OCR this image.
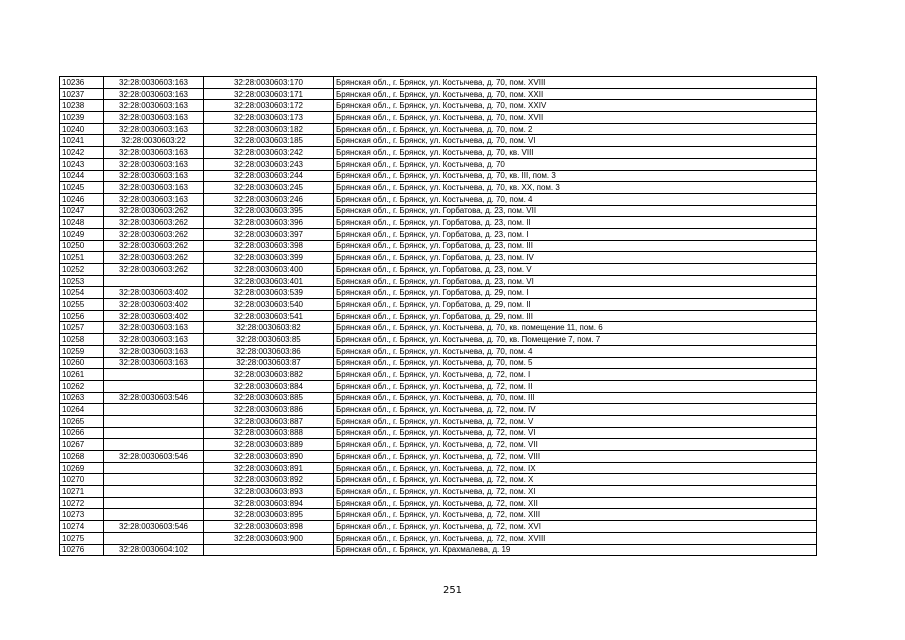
10236	32:28:0030603:163	32:28:0030603:170	Брянская обл., г. Брянск, ул. Костычева, д. 70, пом. XVIII
10237	32:28:0030603:163	32:28:0030603:171	Брянская обл., г. Брянск, ул. Костычева, д. 70, пом. XXII
10238	32:28:0030603:163	32:28:0030603:172	Брянская обл., г. Брянск, ул. Костычева, д. 70, пом. XXIV
10239	32:28:0030603:163	32:28:0030603:173	Брянская обл., г. Брянск, ул. Костычева, д. 70, пом. XVII
10240	32:28:0030603:163	32:28:0030603:182	Брянская обл., г. Брянск, ул. Костычева, д. 70, пом. 2
10241	32:28:0030603:22	32:28:0030603:185	Брянская обл., г. Брянск, ул. Костычева, д. 70, пом. VI
10242	32:28:0030603:163	32:28:0030603:242	Брянская обл., г. Брянск, ул. Костычева, д. 70, кв. VIII
10243	32:28:0030603:163	32:28:0030603:243	Брянская обл., г. Брянск, ул. Костычева, д. 70
10244	32:28:0030603:163	32:28:0030603:244	Брянская обл., г. Брянск, ул. Костычева, д. 70, кв. III, пом. 3
10245	32:28:0030603:163	32:28:0030603:245	Брянская обл., г. Брянск, ул. Костычева, д. 70, кв. XX, пом. 3
10246	32:28:0030603:163	32:28:0030603:246	Брянская обл., г. Брянск, ул. Костычева, д. 70, пом. 4
10247	32:28:0030603:262	32:28:0030603:395	Брянская обл., г. Брянск, ул. Горбатова, д. 23, пом. VII
10248	32:28:0030603:262	32:28:0030603:396	Брянская обл., г. Брянск, ул. Горбатова, д. 23, пом. II
10249	32:28:0030603:262	32:28:0030603:397	Брянская обл., г. Брянск, ул. Горбатова, д. 23, пом. I
10250	32:28:0030603:262	32:28:0030603:398	Брянская обл., г. Брянск, ул. Горбатова, д. 23, пом. III
10251	32:28:0030603:262	32:28:0030603:399	Брянская обл., г. Брянск, ул. Горбатова, д. 23, пом. IV
10252	32:28:0030603:262	32:28:0030603:400	Брянская обл., г. Брянск, ул. Горбатова, д. 23, пом. V
10253		32:28:0030603:401	Брянская обл., г. Брянск, ул. Горбатова, д. 23, пом. VI
10254	32:28:0030603:402	32:28:0030603:539	Брянская обл., г. Брянск, ул. Горбатова, д. 29, пом. I
10255	32:28:0030603:402	32:28:0030603:540	Брянская обл., г. Брянск, ул. Горбатова, д. 29, пом. II
10256	32:28:0030603:402	32:28:0030603:541	Брянская обл., г. Брянск, ул. Горбатова, д. 29, пом. III
10257	32:28:0030603:163	32:28:0030603:82	Брянская обл., г. Брянск, ул. Костычева, д. 70, кв. помещение 11, пом. 6
10258	32:28:0030603:163	32:28:0030603:85	Брянская обл., г. Брянск, ул. Костычева, д. 70, кв. Помещение 7, пом. 7
10259	32:28:0030603:163	32:28:0030603:86	Брянская обл., г. Брянск, ул. Костычева, д. 70, пом. 4
10260	32:28:0030603:163	32:28:0030603:87	Брянская обл., г. Брянск, ул. Костычева, д. 70, пом. 5
10261		32:28:0030603:882	Брянская обл., г. Брянск, ул. Костычева, д. 72, пом. I
10262		32:28:0030603:884	Брянская обл., г. Брянск, ул. Костычева, д. 72, пом. II
10263	32:28:0030603:546	32:28:0030603:885	Брянская обл., г. Брянск, ул. Костычева, д. 70, пом. III
10264		32:28:0030603:886	Брянская обл., г. Брянск, ул. Костычева, д. 72, пом. IV
10265		32:28:0030603:887	Брянская обл., г. Брянск, ул. Костычева, д. 72, пом. V
10266		32:28:0030603:888	Брянская обл., г. Брянск, ул. Костычева, д. 72, пом. VI
10267		32:28:0030603:889	Брянская обл., г. Брянск, ул. Костычева, д. 72, пом. VII
10268	32:28:0030603:546	32:28:0030603:890	Брянская обл., г. Брянск, ул. Костычева, д. 72, пом. VIII
10269		32:28:0030603:891	Брянская обл., г. Брянск, ул. Костычева, д. 72, пом. IX
10270		32:28:0030603:892	Брянская обл., г. Брянск, ул. Костычева, д. 72, пом. X
10271		32:28:0030603:893	Брянская обл., г. Брянск, ул. Костычева, д. 72, пом. XI
10272		32:28:0030603:894	Брянская обл., г. Брянск, ул. Костычева, д. 72, пом. XII
10273		32:28:0030603:895	Брянская обл., г. Брянск, ул. Костычева, д. 72, пом. XIII
10274	32:28:0030603:546	32:28:0030603:898	Брянская обл., г. Брянск, ул. Костычева, д. 72, пом. XVI
10275		32:28:0030603:900	Брянская обл., г. Брянск, ул. Костычева, д. 72, пом. XVIII
10276	32:28:0030604:102		Брянская обл., г. Брянск, ул. Крахмалева, д. 19
251
